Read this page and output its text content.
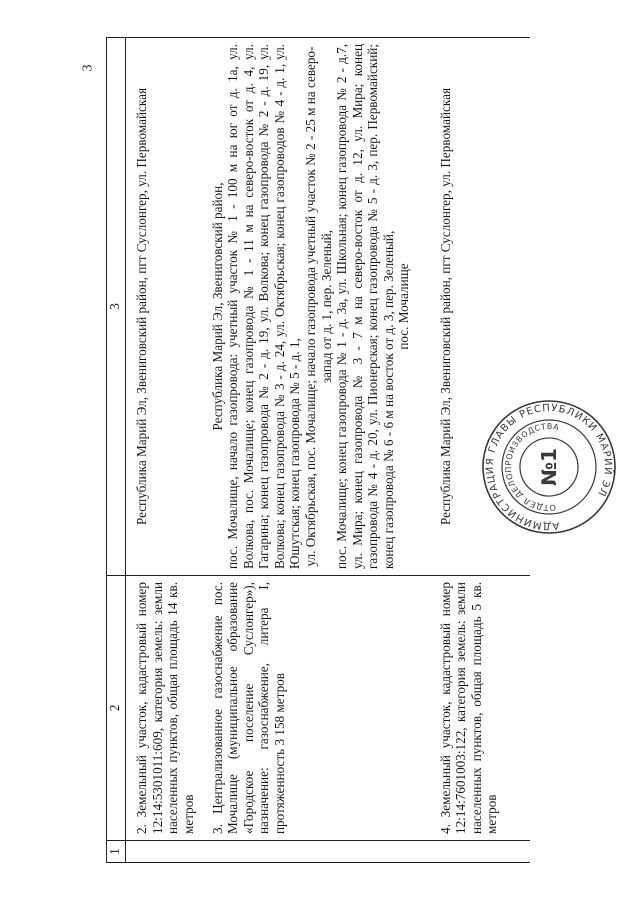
3
1	2	3

2. Земельный участок, кадастровый номер 12:14:5301011:609, категория земель: земли населенных пунктов, общая площадь 14 кв. метров	Республика Марий Эл, Звениговский район, пгт Суслонгер, ул. Первомайская

3. Централизованное газоснабжение пос. Мочалище (муниципальное образование «Городское поселение Суслонгер»), назначение: газоснабжение, литера I, протяженность 3 158 метров	Республика Марий Эл, Звениговский район, пос. Мочалище, начало газопровода: учетный участок № 1 - 100 м на юг от д. 1а, ул. Волкова, пос. Мочалище; конец газопровода № 1 - 11 м на северо-восток от д. 4, ул. Гагарина; конец газопровода № 2 - д. 19, ул. Волкова; конец газопровода № 2 - д. 19, ул. Волкова; конец газопровода № 3 - д. 24, ул. Октябрьская; конец газопроводов № 4 - д. 1, ул. Юшутская; конец газопровода № 5 - д. 1, ул. Октябрьская, пос. Мочалище; начало газопровода учетный участок № 2 - 25 м на северо-запад от д. 1, пер. Зеленый, пос. Мочалище; конец газопровода № 1 - д. 3а, ул. Школьная; конец газопровода № 2 - д.7, ул. Мира; конец газопровода № 3 - 7 м на северо-восток от д. 12, ул. Мира; конец газопровода № 4 - д. 20, ул. Пионерская; конец газопровода № 5 - д. 3, пер. Первомайский; конец газопровода № 6 - 6 м на восток от д. 3, пер. Зеленый, пос. Мочалище

4. Земельный участок, кадастровый номер 12:14:7601003:122, категория земель: земли населенных пунктов, общая площадь 5 кв. метров	Республика Марий Эл, Звениговский район, пгт Суслонгер, ул. Первомайская
АДМИНИСТРАЦИЯ ГЛАВЫ РЕСПУБЛИКИ МАРИЙ ЭЛ
ОТДЕЛ ДЕЛОПРОИЗВОДСТВА
№1
